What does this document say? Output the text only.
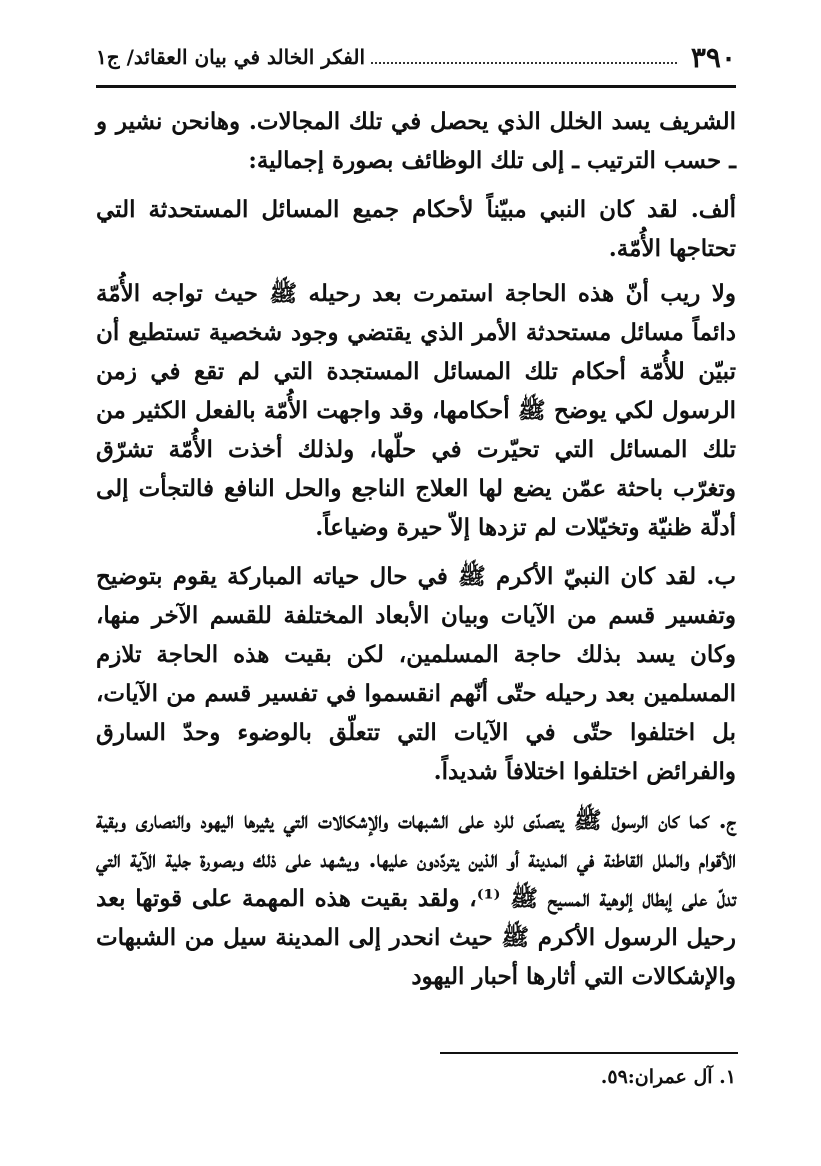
٣٩٠
الفكر الخالد في بيان العقائد/ ج١

الشريف يسد الخلل الذي يحصل في تلك المجالات. وهانحن نشير و ـ حسب الترتيب ـ إلى تلك الوظائف بصورة إجمالية:

ألف. لقد كان النبي مبيّناً لأحكام جميع المسائل المستحدثة التي تحتاجها الأُمّة.

ولا ريب أنّ هذه الحاجة استمرت بعد رحيله ﷺ حيث تواجه الأُمّة دائماً مسائل مستحدثة الأمر الذي يقتضي وجود شخصية تستطيع أن تبيّن للأُمّة أحكام تلك المسائل المستجدة التي لم تقع في زمن الرسول لكي يوضح ﷺ أحكامها، وقد واجهت الأُمّة بالفعل الكثير من تلك المسائل التي تحيّرت في حلّها، ولذلك أخذت الأُمّة تشرّق وتغرّب باحثة عمّن يضع لها العلاج الناجع والحل النافع فالتجأت إلى أدلّة ظنيّة وتخيّلات لم تزدها إلاّ حيرة وضياعاً.

ب. لقد كان النبيّ الأكرم ﷺ في حال حياته المباركة يقوم بتوضيح وتفسير قسم من الآيات وبيان الأبعاد المختلفة للقسم الآخر منها، وكان يسد بذلك حاجة المسلمين، لكن بقيت هذه الحاجة تلازم المسلمين بعد رحيله حتّى أنّهم انقسموا في تفسير قسم من الآيات، بل اختلفوا حتّى في الآيات التي تتعلّق بالوضوء وحدّ السارق والفرائض اختلفوا اختلافاً شديداً.

ج. كما كان الرسول ﷺ يتصدّى للرد على الشبهات والإشكالات التي يثيرها اليهود والنصارى وبقية الأقوام والملل القاطنة في المدينة أو الذين يتردّدون عليها. ويشهد على ذلك وبصورة جلية الآية التي تدلّ على إبطال إلوهية المسيح ﷺ ⁽¹⁾، ولقد بقيت هذه المهمة على قوتها بعد رحيل الرسول الأكرم ﷺ حيث انحدر إلى المدينة سيل من الشبهات والإشكالات التي أثارها أحبار اليهود

١. آل عمران:٥٩.
